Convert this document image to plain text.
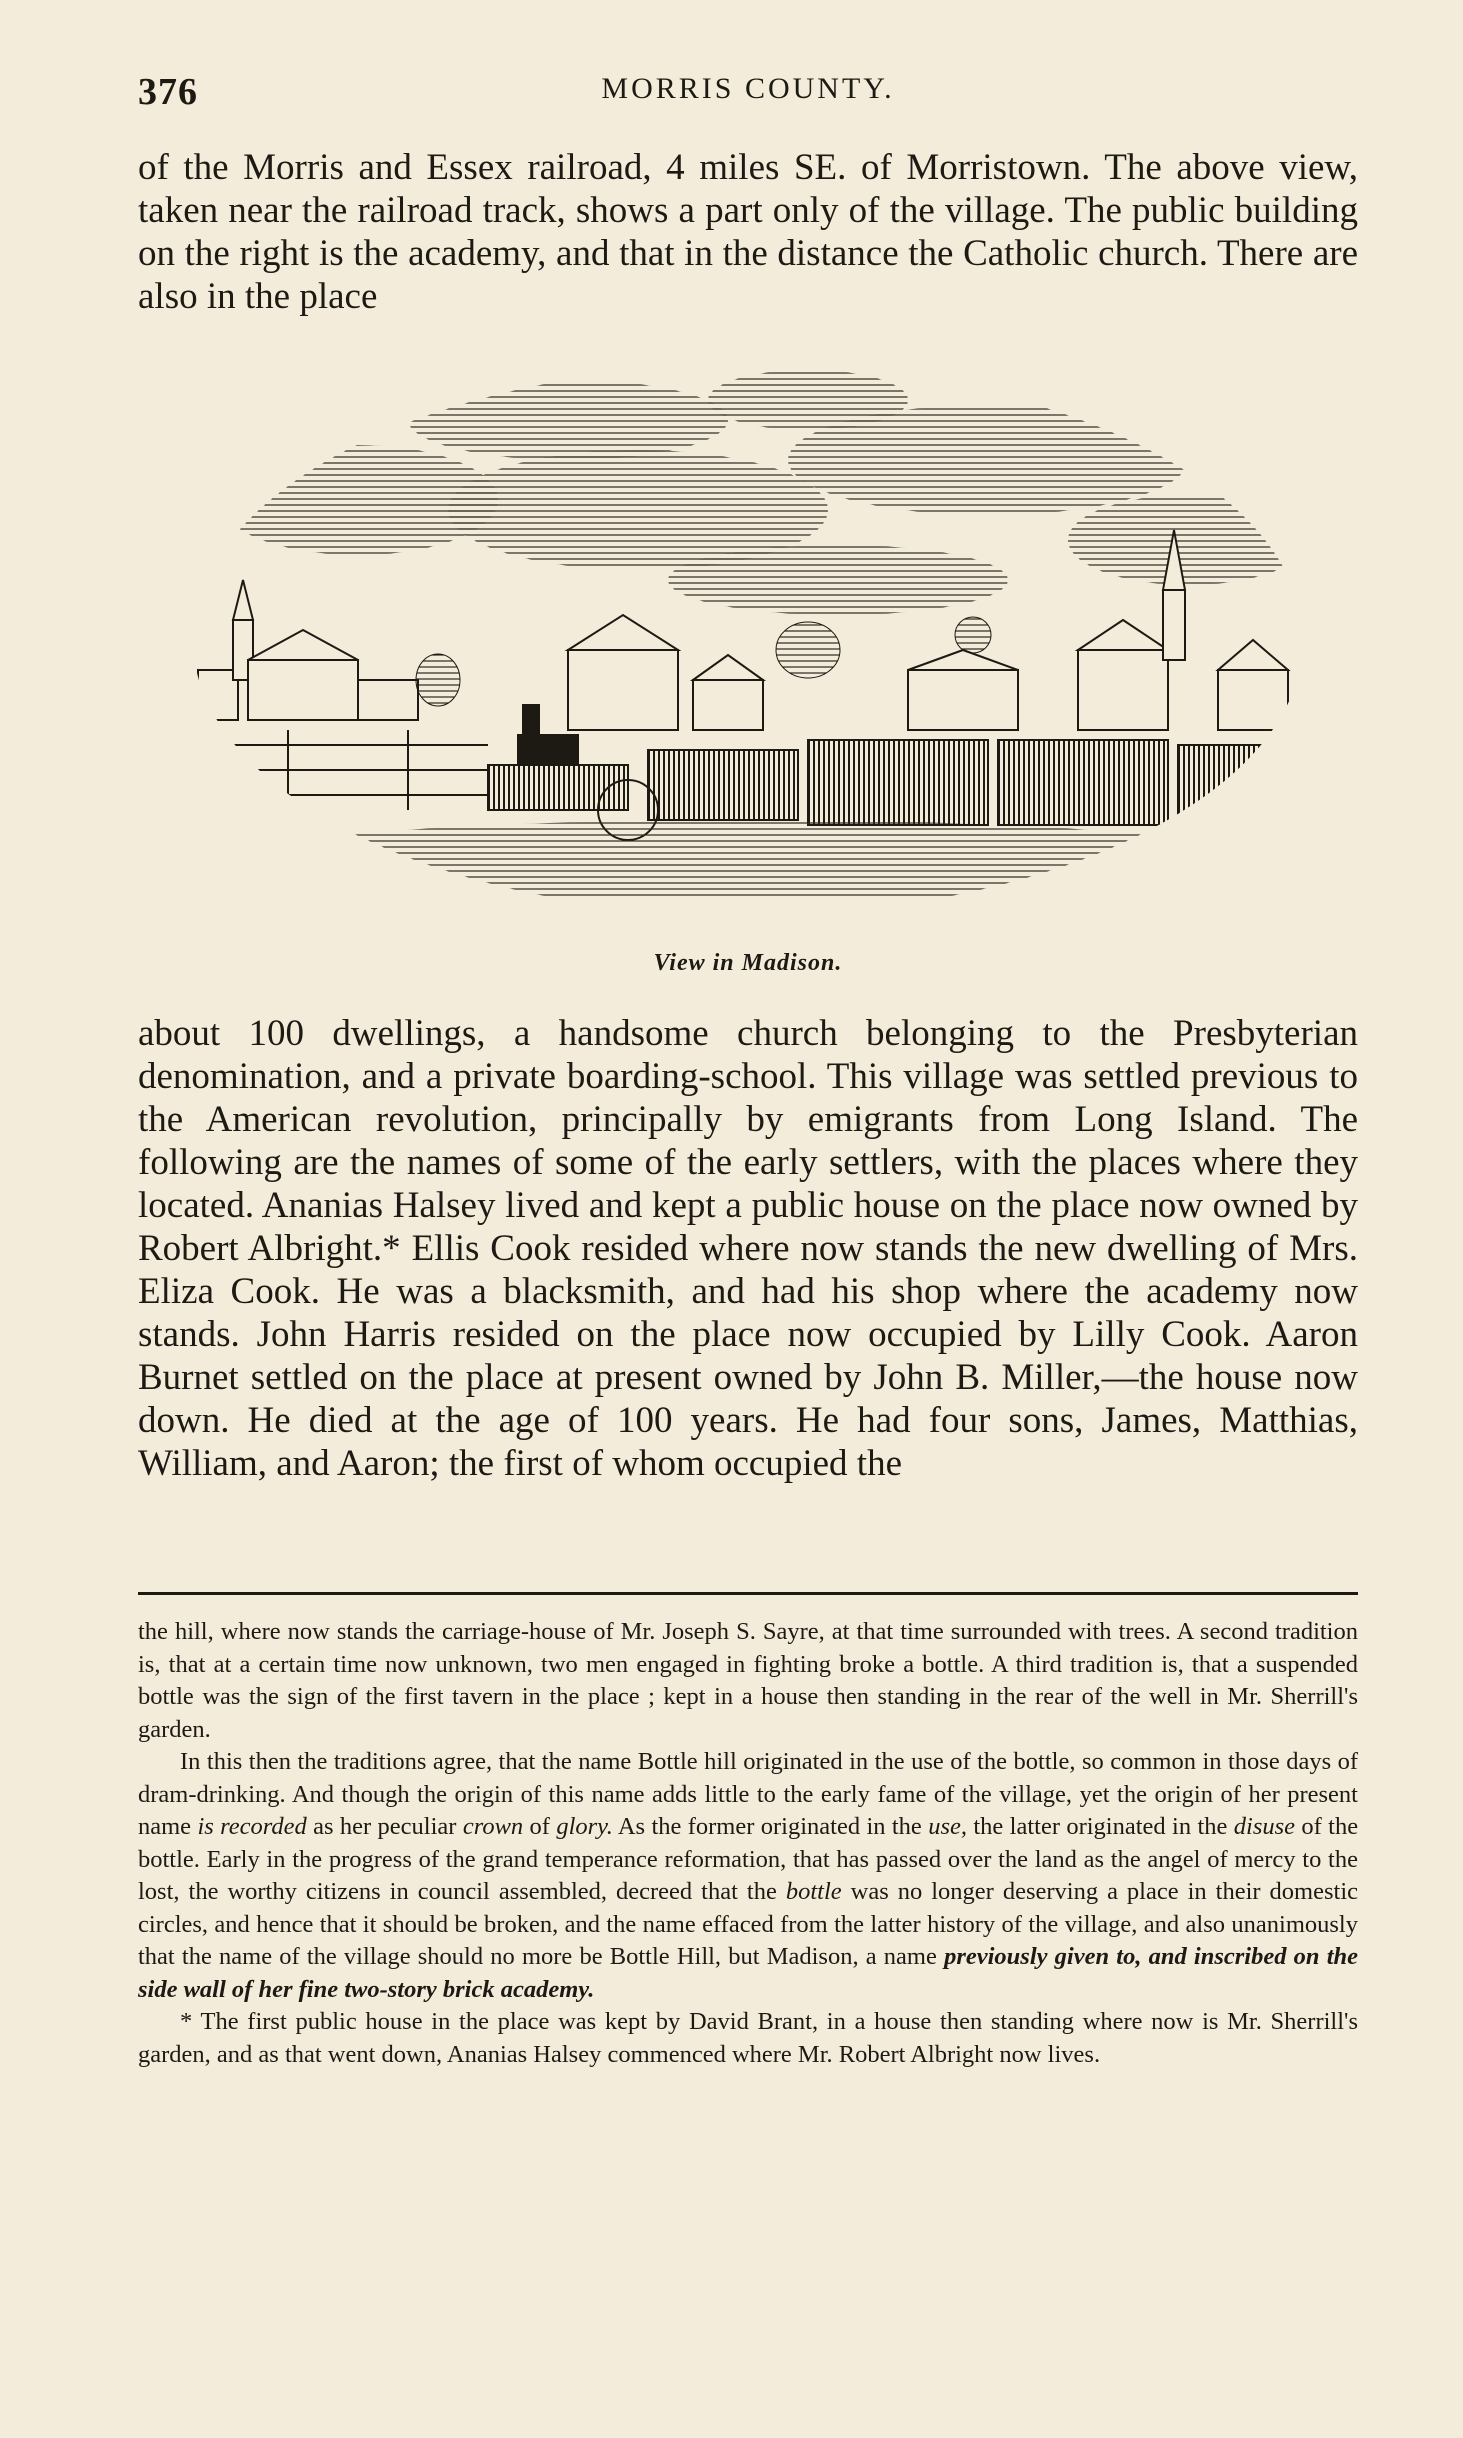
376	MORRIS COUNTY.

of the Morris and Essex railroad, 4 miles SE. of Morristown. The above view, taken near the railroad track, shows a part only of the village. The public building on the right is the academy, and that in the distance the Catholic church. There are also in the place

View in Madison.

about 100 dwellings, a handsome church belonging to the Presbyterian denomination, and a private boarding-school. This village was settled previous to the American revolution, principally by emigrants from Long Island. The following are the names of some of the early settlers, with the places where they located. Ananias Halsey lived and kept a public house on the place now owned by Robert Albright.* Ellis Cook resided where now stands the new dwelling of Mrs. Eliza Cook. He was a blacksmith, and had his shop where the academy now stands. John Harris resided on the place now occupied by Lilly Cook. Aaron Burnet settled on the place at present owned by John B. Miller,—the house now down. He died at the age of 100 years. He had four sons, James, Matthias, William, and Aaron; the first of whom occupied the

the hill, where now stands the carriage-house of Mr. Joseph S. Sayre, at that time surrounded with trees. A second tradition is, that at a certain time now unknown, two men engaged in fighting broke a bottle. A third tradition is, that a suspended bottle was the sign of the first tavern in the place ; kept in a house then standing in the rear of the well in Mr. Sherrill's garden.

In this then the traditions agree, that the name Bottle hill originated in the use of the bottle, so common in those days of dram-drinking. And though the origin of this name adds little to the early fame of the village, yet the origin of her present name is recorded as her peculiar crown of glory. As the former originated in the use, the latter originated in the disuse of the bottle. Early in the progress of the grand temperance reformation, that has passed over the land as the angel of mercy to the lost, the worthy citizens in council assembled, decreed that the bottle was no longer deserving a place in their domestic circles, and hence that it should be broken, and the name effaced from the latter history of the village, and also unanimously that the name of the village should no more be Bottle Hill, but Madison, a name previously given to, and inscribed on the side wall of her fine two-story brick academy.

* The first public house in the place was kept by David Brant, in a house then standing where now is Mr. Sherrill's garden, and as that went down, Ananias Halsey commenced where Mr. Robert Albright now lives.
